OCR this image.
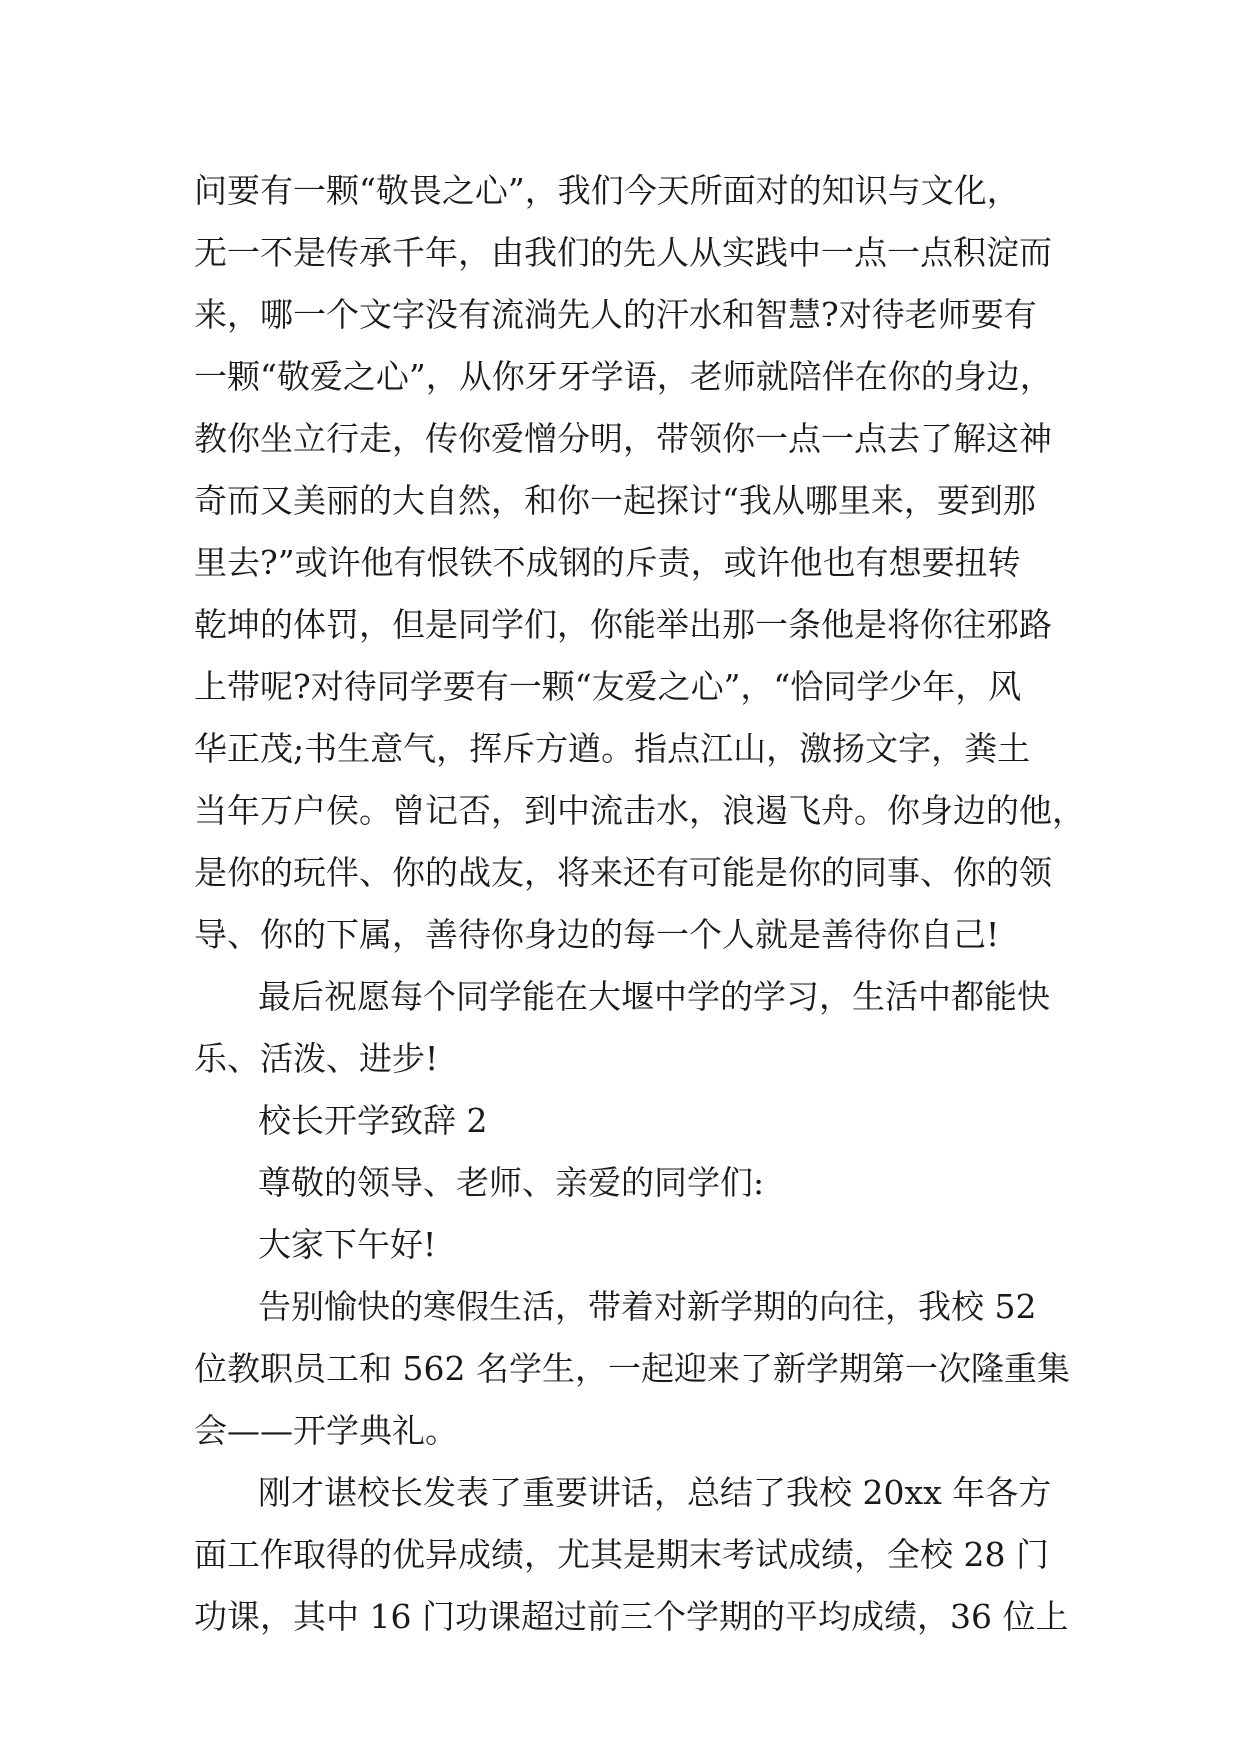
问要有一颗“敬畏之心”，我们今天所面对的知识与文化，
无一不是传承千年，由我们的先人从实践中一点一点积淀而
来，哪一个文字没有流淌先人的汗水和智慧?对待老师要有
一颗“敬爱之心”，从你牙牙学语，老师就陪伴在你的身边，
教你坐立行走，传你爱憎分明，带领你一点一点去了解这神
奇而又美丽的大自然，和你一起探讨“我从哪里来，要到那
里去?”或许他有恨铁不成钢的斥责，或许他也有想要扭转
乾坤的体罚，但是同学们，你能举出那一条他是将你往邪路
上带呢?对待同学要有一颗“友爱之心”，“恰同学少年，风
华正茂;书生意气，挥斥方遒。指点江山，激扬文字，粪土
当年万户侯。曾记否，到中流击水，浪遏飞舟。你身边的他，
是你的玩伴、你的战友，将来还有可能是你的同事、你的领
导、你的下属，善待你身边的每一个人就是善待你自己!
最后祝愿每个同学能在大堰中学的学习，生活中都能快
乐、活泼、进步!
校长开学致辞 2
尊敬的领导、老师、亲爱的同学们:
大家下午好!
告别愉快的寒假生活，带着对新学期的向往，我校 52
位教职员工和 562 名学生，一起迎来了新学期第一次隆重集
会——开学典礼。
刚才谌校长发表了重要讲话，总结了我校 20xx 年各方
面工作取得的优异成绩，尤其是期末考试成绩，全校 28 门
功课，其中 16 门功课超过前三个学期的平均成绩，36 位上
